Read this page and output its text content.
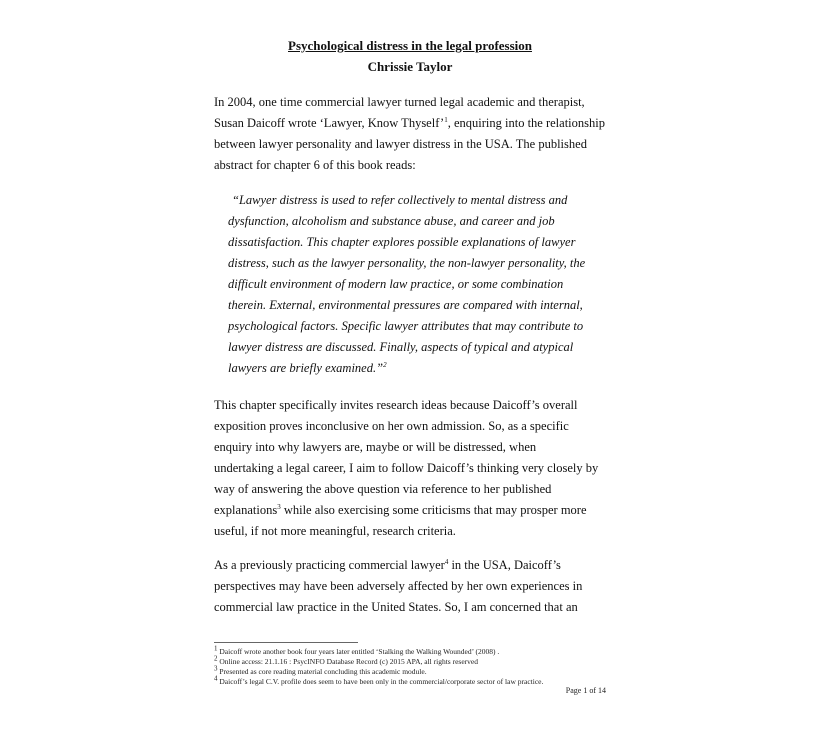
Psychological distress in the legal profession
Chrissie Taylor
In 2004, one time commercial lawyer turned legal academic and therapist,
Susan Daicoff wrote ‘Lawyer, Know Thyself’$^1$, enquiring into the relationship
between lawyer personality and lawyer distress in the USA. The published
abstract for chapter 6 of this book reads:
“Lawyer distress is used to refer collectively to mental distress and
dysfunction, alcoholism and substance abuse, and career and job
dissatisfaction. This chapter explores possible explanations of lawyer
distress, such as the lawyer personality, the non-lawyer personality, the
difficult environment of modern law practice, or some combination
therein. External, environmental pressures are compared with internal,
psychological factors. Specific lawyer attributes that may contribute to
lawyer distress are discussed. Finally, aspects of typical and atypical
lawyers are briefly examined.”$^2$
This chapter specifically invites research ideas because Daicoff’s overall
exposition proves inconclusive on her own admission. So, as a specific
enquiry into why lawyers are, maybe or will be distressed, when
undertaking a legal career, I aim to follow Daicoff’s thinking very closely by
way of answering the above question via reference to her published
explanations$^3$ while also exercising some criticisms that may prosper more
useful, if not more meaningful, research criteria.
As a previously practicing commercial lawyer$^4$ in the USA, Daicoff’s
perspectives may have been adversely affected by her own experiences in
commercial law practice in the United States. So, I am concerned that an
$^1$ Daicoff wrote another book four years later entitled ‘Stalking the Walking Wounded’ (2008) .
$^2$ Online access: 21.1.16 : PsycINFO Database Record (c) 2015 APA, all rights reserved
$^3$ Presented as core reading material concluding this academic module.
$^4$ Daicoff’s legal C.V. profile does seem to have been only in the commercial/corporate sector of law practice.
Page 1 of 14
